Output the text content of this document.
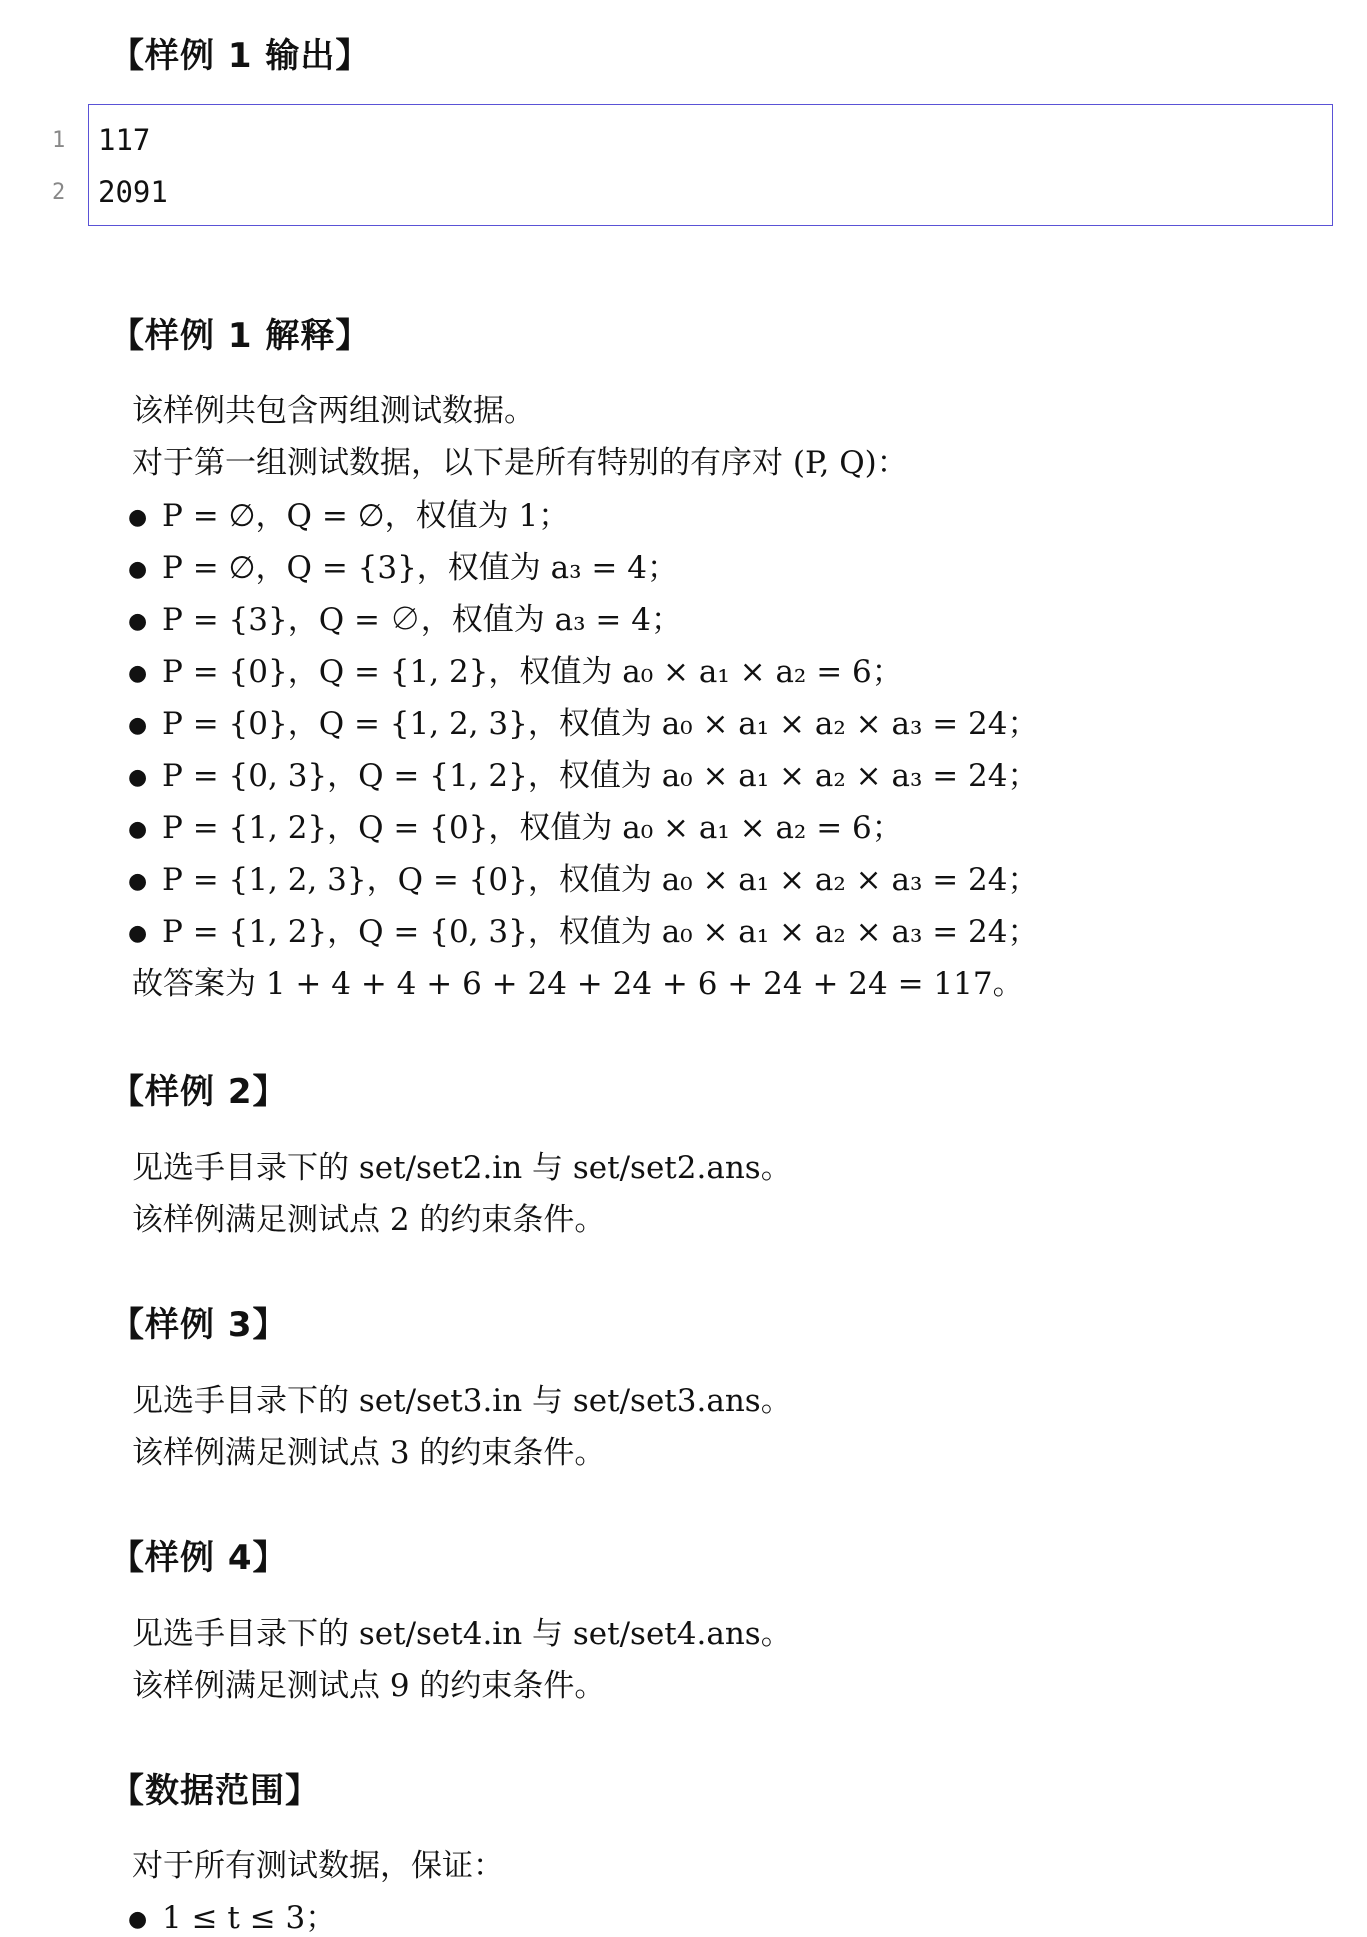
【样例 1 输出】
1 117
2 2091
【样例 1 解释】
该样例共包含两组测试数据。
对于第一组测试数据，以下是所有特别的有序对 (P, Q)：
● P = ∅，Q = ∅，权值为 1；
● P = ∅，Q = {3}，权值为 a₃ = 4；
● P = {3}，Q = ∅，权值为 a₃ = 4；
● P = {0}，Q = {1, 2}，权值为 a₀ × a₁ × a₂ = 6；
● P = {0}，Q = {1, 2, 3}，权值为 a₀ × a₁ × a₂ × a₃ = 24；
● P = {0, 3}，Q = {1, 2}，权值为 a₀ × a₁ × a₂ × a₃ = 24；
● P = {1, 2}，Q = {0}，权值为 a₀ × a₁ × a₂ = 6；
● P = {1, 2, 3}，Q = {0}，权值为 a₀ × a₁ × a₂ × a₃ = 24；
● P = {1, 2}，Q = {0, 3}，权值为 a₀ × a₁ × a₂ × a₃ = 24；
故答案为 1 + 4 + 4 + 6 + 24 + 24 + 6 + 24 + 24 = 117。
【样例 2】
见选手目录下的 set/set2.in 与 set/set2.ans。
该样例满足测试点 2 的约束条件。
【样例 3】
见选手目录下的 set/set3.in 与 set/set3.ans。
该样例满足测试点 3 的约束条件。
【样例 4】
见选手目录下的 set/set4.in 与 set/set4.ans。
该样例满足测试点 9 的约束条件。
【数据范围】
对于所有测试数据，保证：
● 1 ≤ t ≤ 3；
